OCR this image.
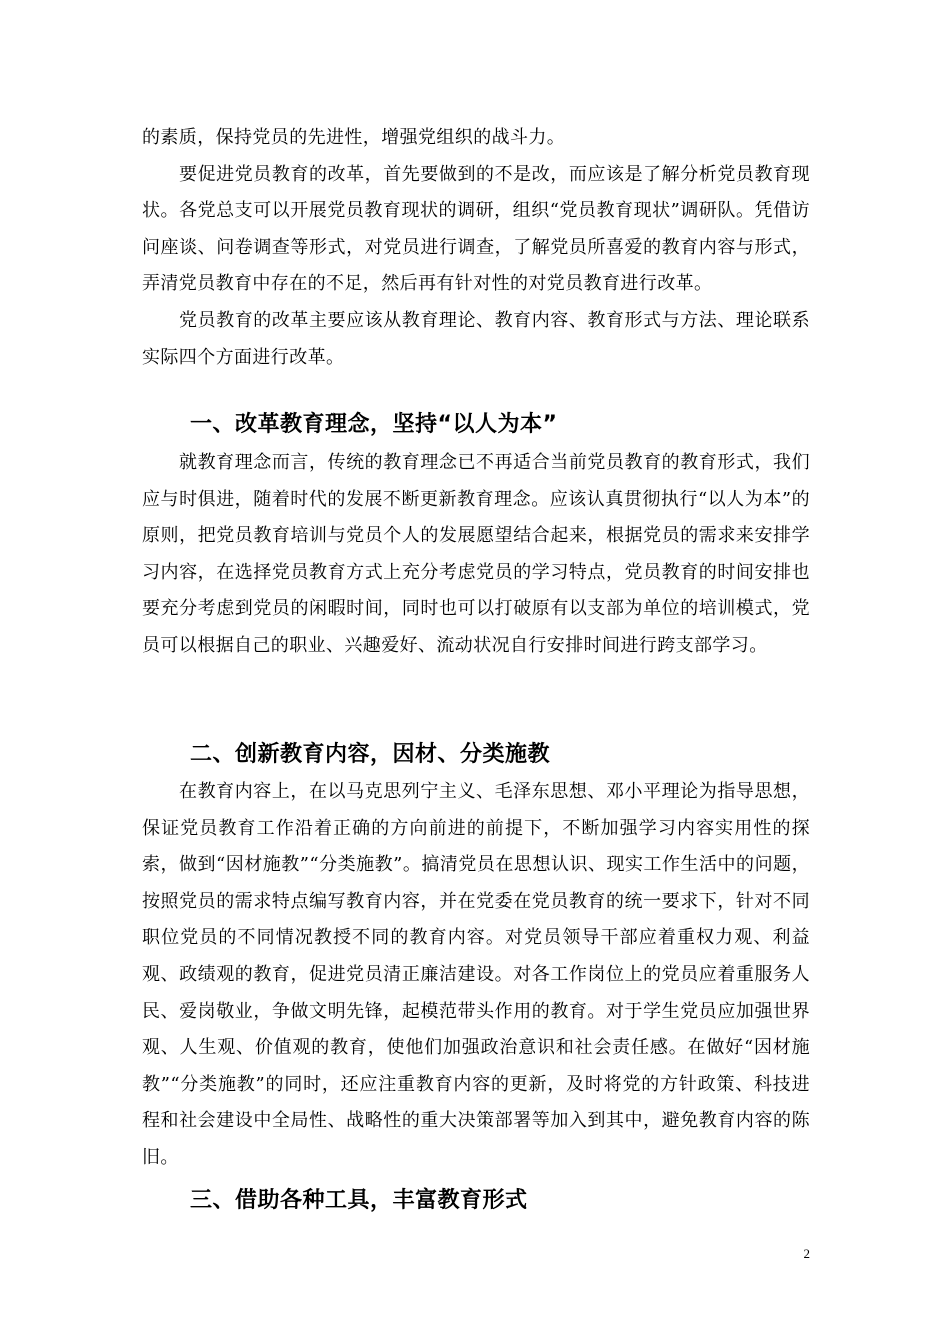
的素质，保持党员的先进性，增强党组织的战斗力。

要促进党员教育的改革，首先要做到的不是改，而应该是了解分析党员教育现状。各党总支可以开展党员教育现状的调研，组织“党员教育现状”调研队。凭借访问座谈、问卷调查等形式，对党员进行调查，了解党员所喜爱的教育内容与形式，弄清党员教育中存在的不足，然后再有针对性的对党员教育进行改革。

党员教育的改革主要应该从教育理论、教育内容、教育形式与方法、理论联系实际四个方面进行改革。

一、改革教育理念，坚持“以人为本”

就教育理念而言，传统的教育理念已不再适合当前党员教育的教育形式，我们应与时俱进，随着时代的发展不断更新教育理念。应该认真贯彻执行“以人为本”的原则，把党员教育培训与党员个人的发展愿望结合起来，根据党员的需求来安排学习内容，在选择党员教育方式上充分考虑党员的学习特点，党员教育的时间安排也要充分考虑到党员的闲暇时间，同时也可以打破原有以支部为单位的培训模式，党员可以根据自己的职业、兴趣爱好、流动状况自行安排时间进行跨支部学习。

二、创新教育内容，因材、分类施教

在教育内容上，在以马克思列宁主义、毛泽东思想、邓小平理论为指导思想，保证党员教育工作沿着正确的方向前进的前提下，不断加强学习内容实用性的探索，做到“因材施教”“分类施教”。搞清党员在思想认识、现实工作生活中的问题，按照党员的需求特点编写教育内容，并在党委在党员教育的统一要求下，针对不同职位党员的不同情况教授不同的教育内容。对党员领导干部应着重权力观、利益观、政绩观的教育，促进党员清正廉洁建设。对各工作岗位上的党员应着重服务人民、爱岗敬业，争做文明先锋，起模范带头作用的教育。对于学生党员应加强世界观、人生观、价值观的教育，使他们加强政治意识和社会责任感。在做好“因材施教”“分类施教”的同时，还应注重教育内容的更新，及时将党的方针政策、科技进程和社会建设中全局性、战略性的重大决策部署等加入到其中，避免教育内容的陈旧。

三、借助各种工具，丰富教育形式
2
